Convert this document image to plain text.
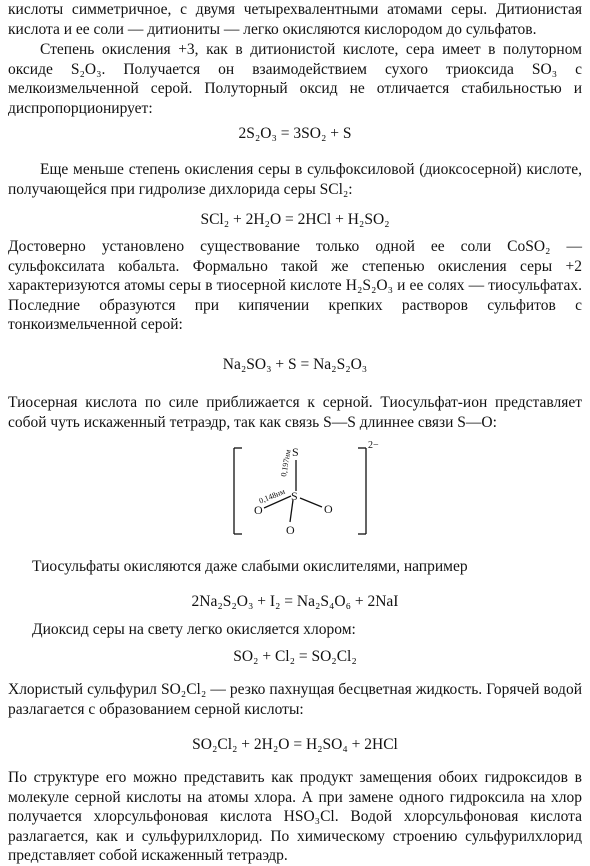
кислоты симметричное, с двумя четырехвалентными атомами серы. Дитионистая кислота и ее соли — дитиониты — легко окисляются кислородом до сульфатов.

Степень окисления +3, как в дитионистой кислоте, сера имеет в полуторном оксиде S₂O₃. Получается он взаимодействием сухого триоксида SO₃ с мелкоизмельченной серой. Полуторный оксид не отличается стабильностью и диспропорционирует:

2S₂O₃ = 3SO₂ + S

Еще меньше степень окисления серы в сульфоксиловой (диоксосерной) кислоте, получающейся при гидролизе дихлорида серы SCl₂:

SCl₂ + 2H₂O = 2HCl + H₂SO₂

Достоверно установлено существование только одной ее соли CoSO₂ — сульфоксилата кобальта. Формально такой же степенью окисления серы +2 характеризуются атомы серы в тиосерной кислоте H₂S₂O₃ и ее солях — тиосульфатах. Последние образуются при кипячении крепких растворов сульфитов с тонкоизмельченной серой:

Na₂SO₃ + S = Na₂S₂O₃

Тиосерная кислота по силе приближается к серной. Тиосульфат-ион представляет собой чуть искаженный тетраэдр, так как связь S—S длиннее связи S—O:

S
S
O	O
O
2−
0,197нм
0,148нм

Тиосульфаты окисляются даже слабыми окислителями, например

2Na₂S₂O₃ + I₂ = Na₂S₄O₆ + 2NaI

Диоксид серы на свету легко окисляется хлором:

SO₂ + Cl₂ = SO₂Cl₂

Хлористый сульфурил SO₂Cl₂ — резко пахнущая бесцветная жидкость. Горячей водой разлагается с образованием серной кислоты:

SO₂Cl₂ + 2H₂O = H₂SO₄ + 2HCl

По структуре его можно представить как продукт замещения обоих гидроксидов в молекуле серной кислоты на атомы хлора. А при замене одного гидроксила на хлор получается хлорсульфоновая кислота HSO₃Cl. Водой хлорсульфоновая кислота разлагается, как и сульфурилхлорид. По химическому строению сульфурилхлорид представляет собой искаженный тетраэдр.
